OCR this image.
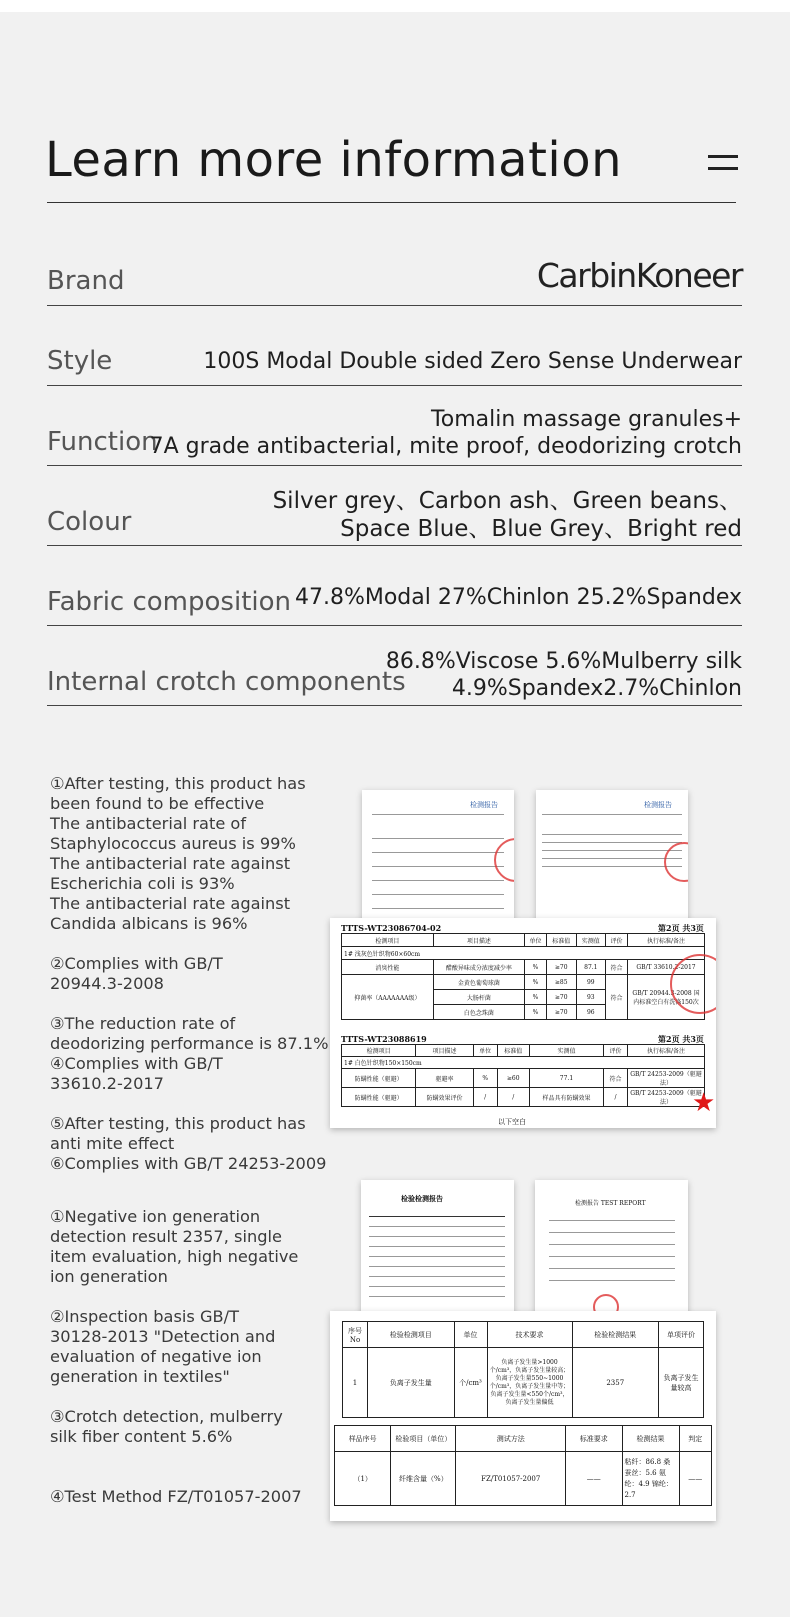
Learn more information
Brand	CarbinKoneer
Style	100S Modal Double sided Zero Sense Underwear
Function
Tomalin massage granules+
7A grade antibacterial, mite proof, deodorizing crotch
Colour
Silver grey、Carbon ash、Green beans、
Space Blue、Blue Grey、Bright red
Fabric composition 47.8%Modal 27%Chinlon 25.2%Spandex
Internal crotch components
86.8%Viscose 5.6%Mulberry silk
4.9%Spandex2.7%Chinlon
①After testing, this product has
been found to be effective
The antibacterial rate of
Staphylococcus aureus is 99%
The antibacterial rate against
Escherichia coli is 93%
The antibacterial rate against
Candida albicans is 96%
②Complies with GB/T
20944.3-2008
③The reduction rate of
deodorizing performance is 87.1%
④Complies with GB/T
33610.2-2017
⑤After testing, this product has
anti mite effect
⑥Complies with GB/T 24253-2009
①Negative ion generation
detection result 2357, single
item evaluation, high negative
ion generation
②Inspection basis GB/T
30128-2013 "Detection and
evaluation of negative ion
generation in textiles"
③Crotch detection, mulberry
silk fiber content 5.6%
④Test Method FZ/T01057-2007
检测报告	检测报告
TTTS-WT23086704-02	第2页 共3页
检测项目	项目描述	单位	标准值	实测值	评价	执行标准/备注
1# 浅灰色针织物60×60cm						
消臭性能	醋酸异味成分浓度减少率	%	≥70	87.1	符合	GB/T 33610.2-2017
抑菌率（AAAAAAA级）	金黄色葡萄球菌	%	≥85	99	符合	GB/T 20944.3-2008 国内标准空白有洗涤150次
	大肠杆菌	%	≥70	93		
	白色念珠菌	%	≥70	96		
TTTS-WT23088619	第2页 共3页
检测项目	项目描述	单位	标准值	实测值	评价	执行标准/备注
1# 白色针织物150×150cm						
防螨性能（驱避）	驱避率	%	≥60	77.1	符合	GB/T 24253-2009（驱避法）
防螨性能（驱避）	防螨效果评价	/	/	样品具有防螨效果	/	GB/T 24253-2009（驱避法）
以下空白
★
检验检测报告
检测报告 TEST REPORT
序号 No	检验检测项目	单位	技术要求	检验检测结果	单项评价
1	负离子发生量	个/cm³	负离子发生量>1000个/cm³，负离子发生量较高；负离子发生量550~1000个/cm³，负离子发生量中等；负离子发生量<550个/cm³，负离子发生量偏低	2357	负离子发生量较高
样品序号	检验项目（单位）	测试方法	标准要求	检测结果	判定
（1）	纤维含量（%）	FZ/T01057-2007	——	粘纤：86.8 桑蚕丝：5.6 氨纶：4.9 锦纶：2.7	——
